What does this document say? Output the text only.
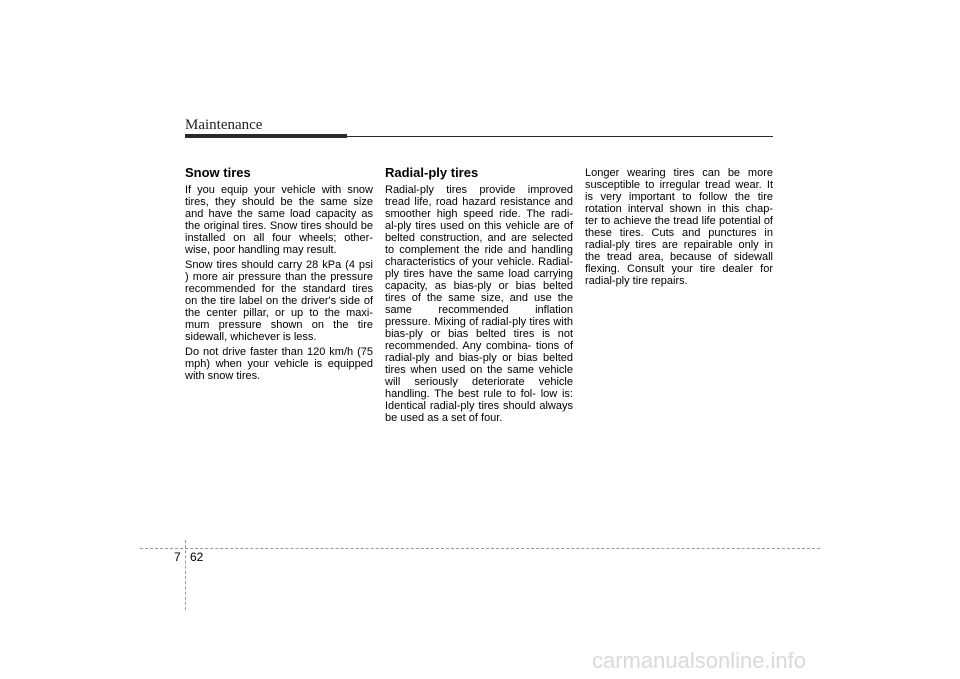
Maintenance
Snow tires

If you equip your vehicle with snow tires, they should be the same size and have the same load capacity as the original tires. Snow tires should be installed on all four wheels; other- wise, poor handling may result.

Snow tires should carry 28 kPa (4 psi ) more air pressure than the pressure recommended for the standard tires on the tire label on the driver's side of the center pillar, or up to the maxi- mum pressure shown on the tire sidewall, whichever is less.

Do not drive faster than 120 km/h (75 mph) when your vehicle is equipped with snow tires.

Radial-ply tires

Radial-ply tires provide improved tread life, road hazard resistance and smoother high speed ride. The radi- al-ply tires used on this vehicle are of belted construction, and are selected to complement the ride and handling characteristics of your vehicle. Radial-ply tires have the same load carrying capacity, as bias-ply or bias belted tires of the same size, and use the same recommended inflation pressure. Mixing of radial-ply tires with bias-ply or bias belted tires is not recommended. Any combina- tions of radial-ply and bias-ply or bias belted tires when used on the same vehicle will seriously deteriorate vehicle handling. The best rule to fol- low is: Identical radial-ply tires should always be used as a set of four.

Longer wearing tires can be more susceptible to irregular tread wear. It is very important to follow the tire rotation interval shown in this chap- ter to achieve the tread life potential of these tires. Cuts and punctures in radial-ply tires are repairable only in the tread area, because of sidewall flexing. Consult your tire dealer for radial-ply tire repairs.

7 62
carmanualsonline.info
